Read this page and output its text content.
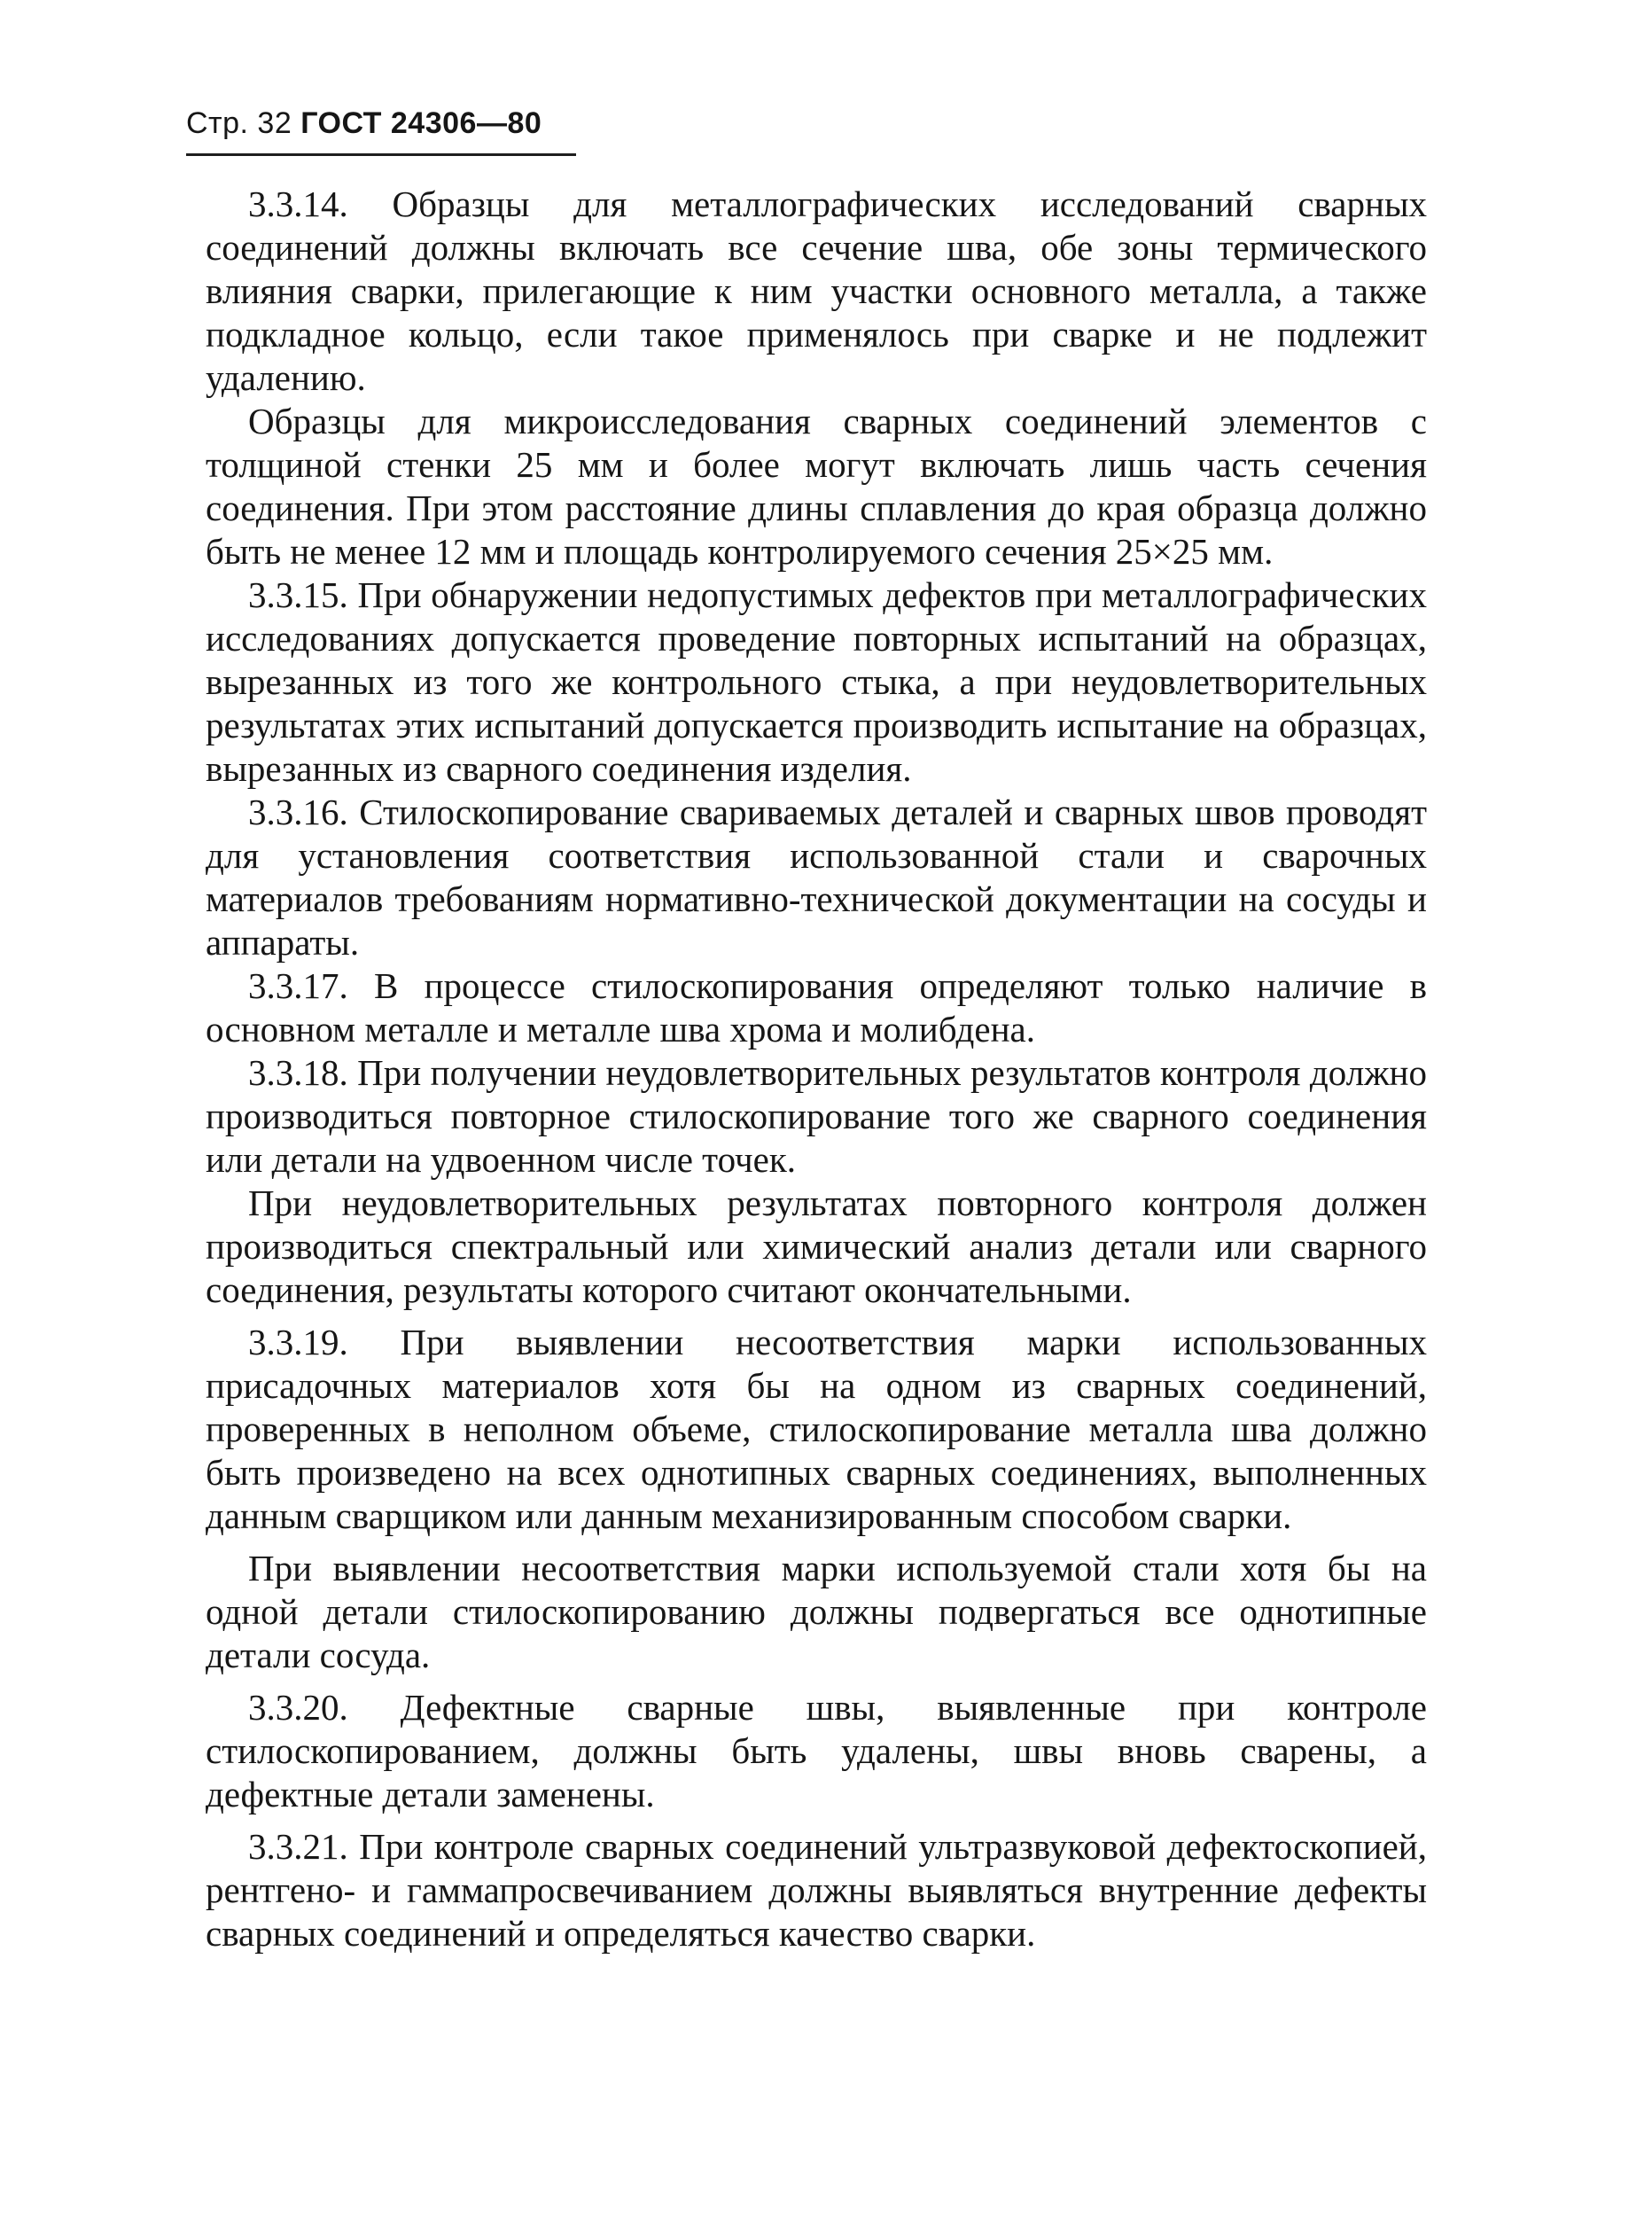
Стр. 32 ГОСТ 24306—80

3.3.14. Образцы для металлографических исследований сварных соединений должны включать все сечение шва, обе зоны термического влияния сварки, прилегающие к ним участки основного металла, а также подкладное кольцо, если такое применялось при сварке и не подлежит удалению.

Образцы для микроисследования сварных соединений элементов с толщиной стенки 25 мм и более могут включать лишь часть сечения соединения. При этом расстояние длины сплавления до края образца должно быть не менее 12 мм и площадь контролируемого сечения 25×25 мм.

3.3.15. При обнаружении недопустимых дефектов при металлографических исследованиях допускается проведение повторных испытаний на образцах, вырезанных из того же контрольного стыка, а при неудовлетворительных результатах этих испытаний допускается производить испытание на образцах, вырезанных из сварного соединения изделия.

3.3.16. Стилоскопирование свариваемых деталей и сварных швов проводят для установления соответствия использованной стали и сварочных материалов требованиям нормативно-технической документации на сосуды и аппараты.

3.3.17. В процессе стилоскопирования определяют только наличие в основном металле и металле шва хрома и молибдена.

3.3.18. При получении неудовлетворительных результатов контроля должно производиться повторное стилоскопирование того же сварного соединения или детали на удвоенном числе точек.

При неудовлетворительных результатах повторного контроля должен производиться спектральный или химический анализ детали или сварного соединения, результаты которого считают окончательными.

3.3.19. При выявлении несоответствия марки использованных присадочных материалов хотя бы на одном из сварных соединений, проверенных в неполном объеме, стилоскопирование металла шва должно быть произведено на всех однотипных сварных соединениях, выполненных данным сварщиком или данным механизированным способом сварки.

При выявлении несоответствия марки используемой стали хотя бы на одной детали стилоскопированию должны подвергаться все однотипные детали сосуда.

3.3.20. Дефектные сварные швы, выявленные при контроле стилоскопированием, должны быть удалены, швы вновь сварены, а дефектные детали заменены.

3.3.21. При контроле сварных соединений ультразвуковой дефектоскопией, рентгено- и гаммапросвечиванием должны выявляться внутренние дефекты сварных соединений и определяться качество сварки.
